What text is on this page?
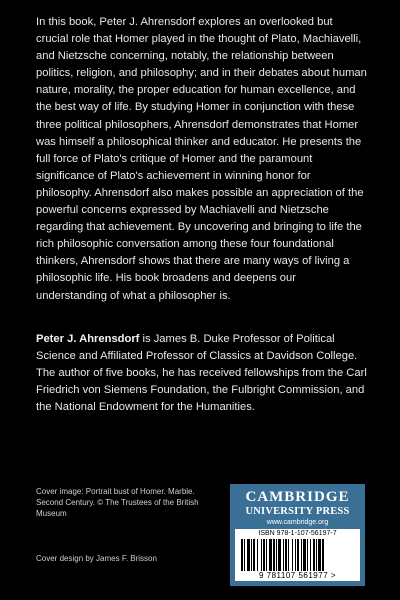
In this book, Peter J. Ahrensdorf explores an overlooked but crucial role that Homer played in the thought of Plato, Machiavelli, and Nietzsche concerning, notably, the relationship between politics, religion, and philosophy; and in their debates about human nature, morality, the proper education for human excellence, and the best way of life. By studying Homer in conjunction with these three political philosophers, Ahrensdorf demonstrates that Homer was himself a philosophical thinker and educator. He presents the full force of Plato's critique of Homer and the paramount significance of Plato's achievement in winning honor for philosophy. Ahrensdorf also makes possible an appreciation of the powerful concerns expressed by Machiavelli and Nietzsche regarding that achievement. By uncovering and bringing to life the rich philosophic conversation among these four foundational thinkers, Ahrensdorf shows that there are many ways of living a philosophic life. His book broadens and deepens our understanding of what a philosopher is.
Peter J. Ahrensdorf is James B. Duke Professor of Political Science and Affiliated Professor of Classics at Davidson College. The author of five books, he has received fellowships from the Carl Friedrich von Siemens Foundation, the Fulbright Commission, and the National Endowment for the Humanities.
Cover image: Portrait bust of Homer. Marble. Second Century. © The Trustees of the British Museum
Cover design by James F. Brisson
CAMBRIDGE
UNIVERSITY PRESS
www.cambridge.org
ISBN 978-1-107-56197-7
9 781107 561977 >
